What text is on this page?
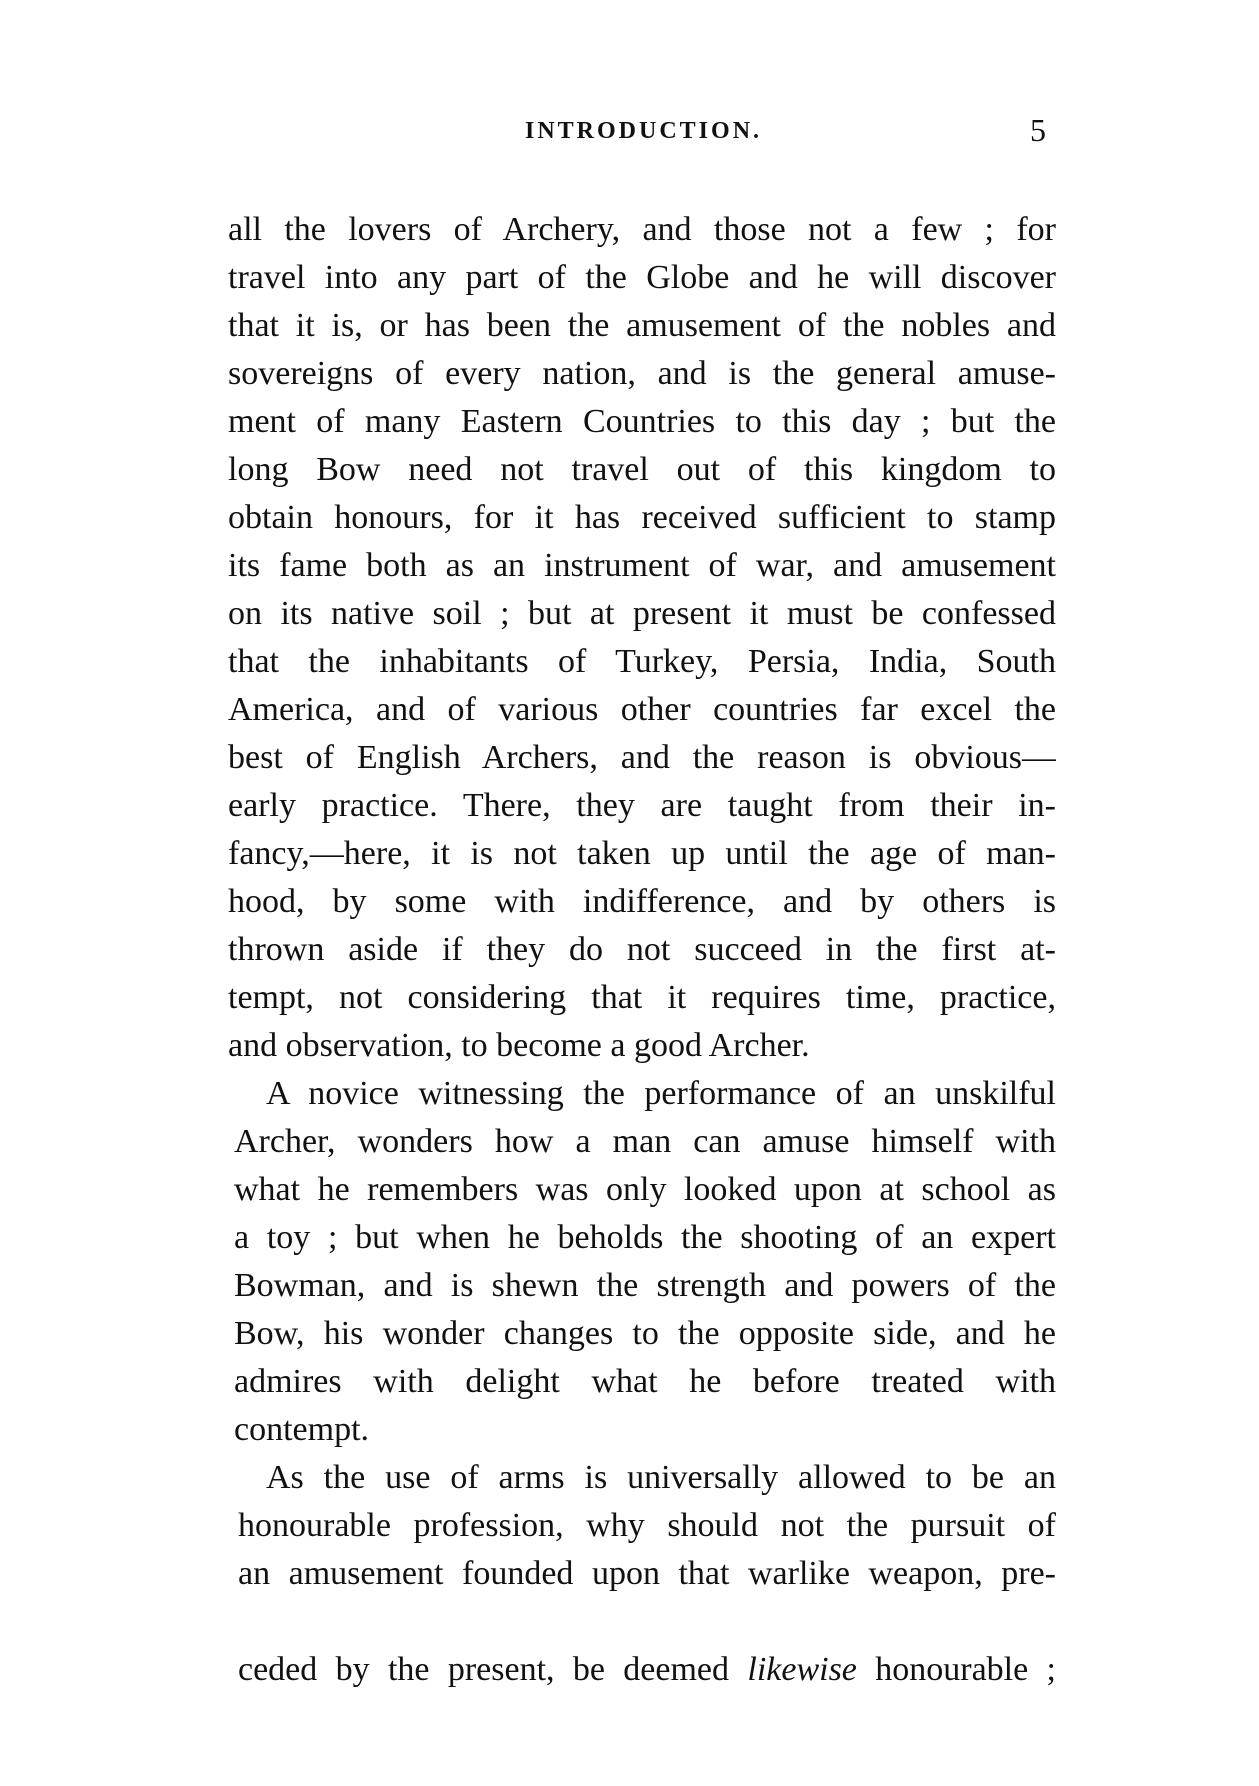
INTRODUCTION.	5
all the lovers of Archery, and those not a few ; for
travel into any part of the Globe and he will discover
that it is, or has been the amusement of the nobles and
sovereigns of every nation, and is the general amuse-
ment of many Eastern Countries to this day ; but the
long Bow need not travel out of this kingdom to
obtain honours, for it has received sufficient to stamp
its fame both as an instrument of war, and amusement
on its native soil ; but at present it must be confessed
that the inhabitants of Turkey, Persia, India, South
America, and of various other countries far excel the
best of English Archers, and the reason is obvious—
early practice. There, they are taught from their in-
fancy,—here, it is not taken up until the age of man-
hood, by some with indifference, and by others is
thrown aside if they do not succeed in the first at-
tempt, not considering that it requires time, practice,
and observation, to become a good Archer.
A novice witnessing the performance of an unskilful
Archer, wonders how a man can amuse himself with
what he remembers was only looked upon at school as
a toy ; but when he beholds the shooting of an expert
Bowman, and is shewn the strength and powers of the
Bow, his wonder changes to the opposite side, and he
admires with delight what he before treated with
contempt.
As the use of arms is universally allowed to be an
honourable profession, why should not the pursuit of
an amusement founded upon that warlike weapon, pre-
ceded by the present, be deemed likewise honourable ;
